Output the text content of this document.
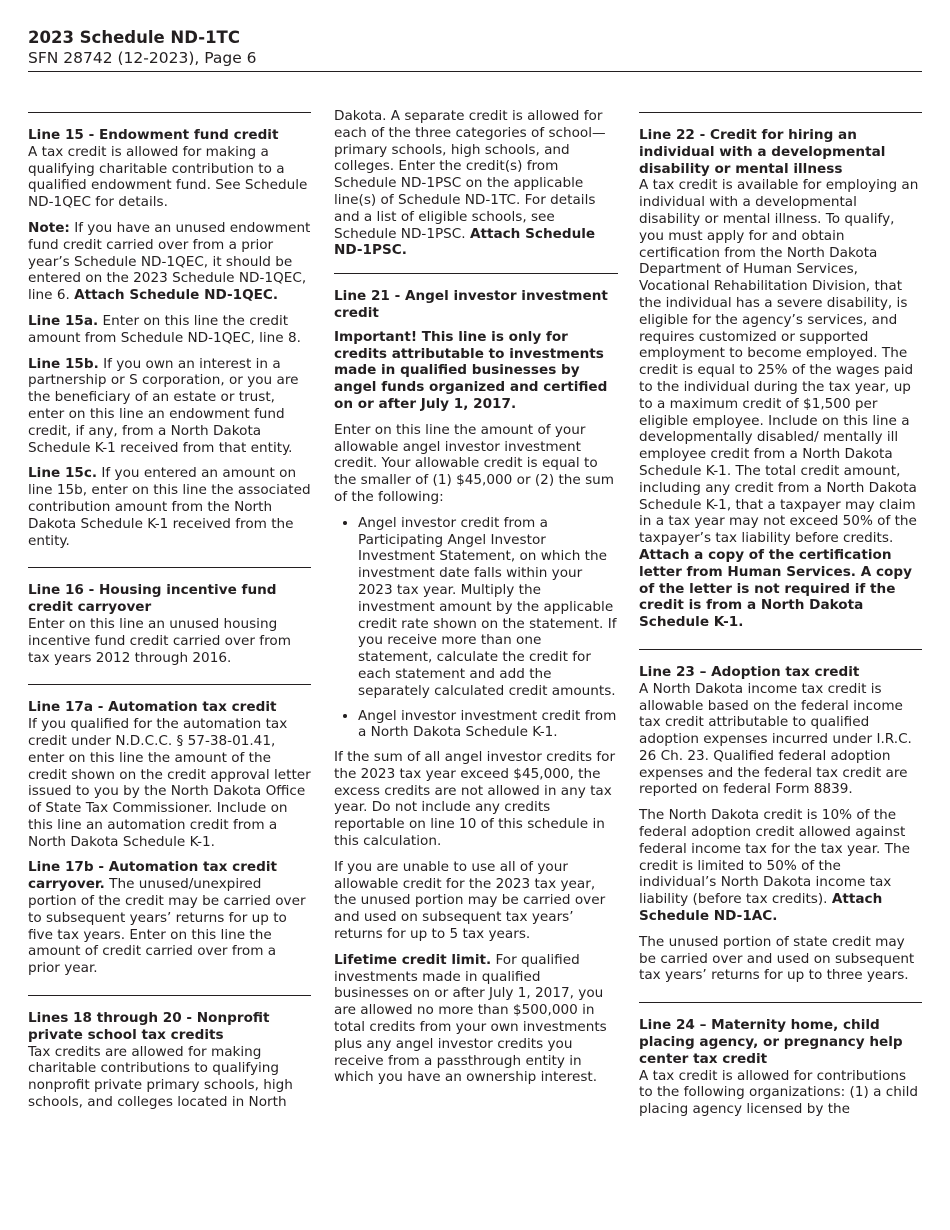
2023 Schedule ND-1TC
SFN 28742 (12-2023), Page 6
Line 15 - Endowment fund credit

A tax credit is allowed for making a qualifying charitable contribution to a qualified endowment fund. See Schedule ND-1QEC for details.

Note: If you have an unused endowment fund credit carried over from a prior year’s Schedule ND-1QEC, it should be entered on the 2023 Schedule ND-1QEC, line 6. Attach Schedule ND-1QEC.

Line 15a. Enter on this line the credit amount from Schedule ND-1QEC, line 8.

Line 15b. If you own an interest in a partnership or S corporation, or you are the beneficiary of an estate or trust, enter on this line an endowment fund credit, if any, from a North Dakota Schedule K-1 received from that entity.

Line 15c. If you entered an amount on line 15b, enter on this line the associated contribution amount from the North Dakota Schedule K-1 received from the entity.

Line 16 - Housing incentive fund credit carryover

Enter on this line an unused housing incentive fund credit carried over from tax years 2012 through 2016.

Line 17a - Automation tax credit

If you qualified for the automation tax credit under N.D.C.C. § 57-38-01.41, enter on this line the amount of the credit shown on the credit approval letter issued to you by the North Dakota Office of State Tax Commissioner. Include on this line an automation credit from a North Dakota Schedule K-1.

Line 17b - Automation tax credit carryover. The unused/unexpired portion of the credit may be carried over to subsequent years’ returns for up to five tax years. Enter on this line the amount of credit carried over from a prior year.

Lines 18 through 20 - Nonprofit private school tax credits

Tax credits are allowed for making charitable contributions to qualifying nonprofit private primary schools, high schools, and colleges located in North

Dakota. A separate credit is allowed for each of the three categories of school—primary schools, high schools, and colleges. Enter the credit(s) from Schedule ND-1PSC on the applicable line(s) of Schedule ND-1TC. For details and a list of eligible schools, see Schedule ND-1PSC. Attach Schedule ND-1PSC.

Line 21 - Angel investor investment credit

Important! This line is only for credits attributable to investments made in qualified businesses by angel funds organized and certified on or after July 1, 2017.

Enter on this line the amount of your allowable angel investor investment credit. Your allowable credit is equal to the smaller of (1) $45,000 or (2) the sum of the following:

• Angel investor credit from a Participating Angel Investor Investment Statement, on which the investment date falls within your 2023 tax year. Multiply the investment amount by the applicable credit rate shown on the statement. If you receive more than one statement, calculate the credit for each statement and add the separately calculated credit amounts.
• Angel investor investment credit from a North Dakota Schedule K-1.

If the sum of all angel investor credits for the 2023 tax year exceed $45,000, the excess credits are not allowed in any tax year. Do not include any credits reportable on line 10 of this schedule in this calculation.

If you are unable to use all of your allowable credit for the 2023 tax year, the unused portion may be carried over and used on subsequent tax years’ returns for up to 5 tax years.

Lifetime credit limit. For qualified investments made in qualified businesses on or after July 1, 2017, you are allowed no more than $500,000 in total credits from your own investments plus any angel investor credits you receive from a passthrough entity in which you have an ownership interest.

Line 22 - Credit for hiring an individual with a developmental disability or mental illness

A tax credit is available for employing an individual with a developmental disability or mental illness. To qualify, you must apply for and obtain certification from the North Dakota Department of Human Services, Vocational Rehabilitation Division, that the individual has a severe disability, is eligible for the agency’s services, and requires customized or supported employment to become employed. The credit is equal to 25% of the wages paid to the individual during the tax year, up to a maximum credit of $1,500 per eligible employee. Include on this line a developmentally disabled/ mentally ill employee credit from a North Dakota Schedule K-1. The total credit amount, including any credit from a North Dakota Schedule K-1, that a taxpayer may claim in a tax year may not exceed 50% of the taxpayer’s tax liability before credits. Attach a copy of the certification letter from Human Services. A copy of the letter is not required if the credit is from a North Dakota Schedule K-1.

Line 23 – Adoption tax credit

A North Dakota income tax credit is allowable based on the federal income tax credit attributable to qualified adoption expenses incurred under I.R.C. 26 Ch. 23. Qualified federal adoption expenses and the federal tax credit are reported on federal Form 8839.

The North Dakota credit is 10% of the federal adoption credit allowed against federal income tax for the tax year. The credit is limited to 50% of the individual’s North Dakota income tax liability (before tax credits). Attach Schedule ND-1AC.

The unused portion of state credit may be carried over and used on subsequent tax years’ returns for up to three years.

Line 24 – Maternity home, child placing agency, or pregnancy help center tax credit

A tax credit is allowed for contributions to the following organizations: (1) a child placing agency licensed by the
